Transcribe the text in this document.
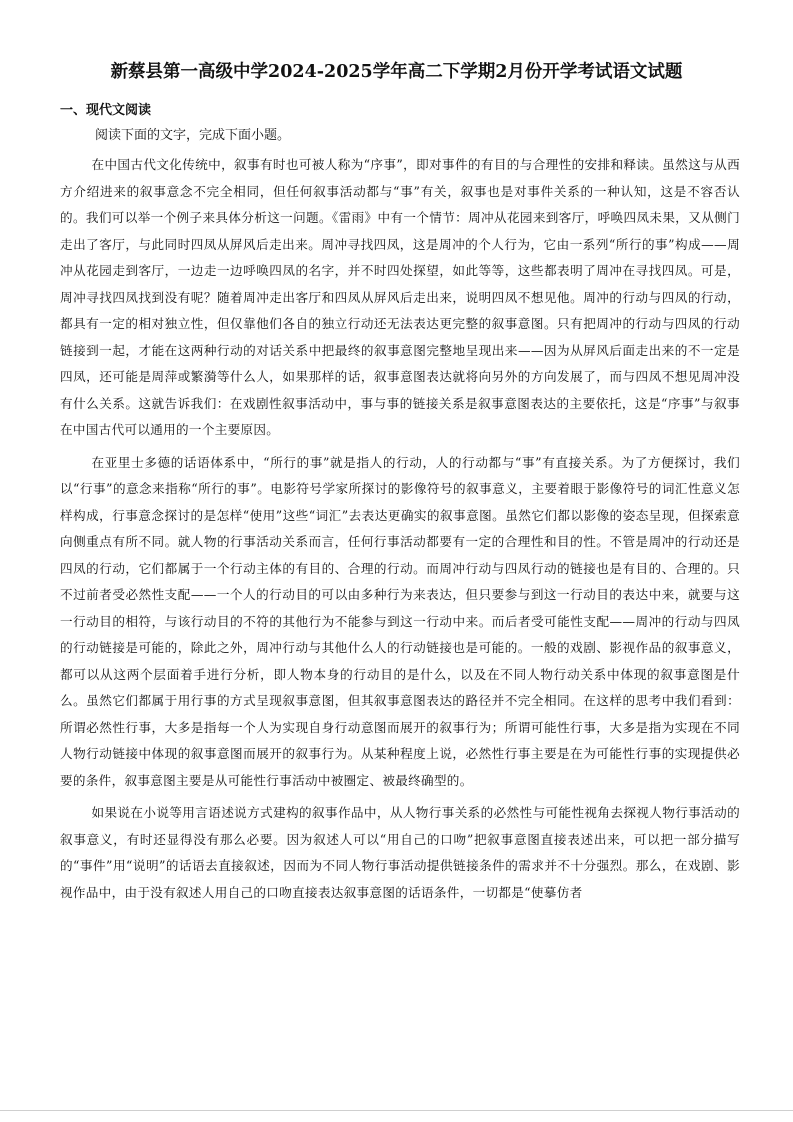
新蔡县第一高级中学2024-2025学年高二下学期2月份开学考试语文试题
一、现代文阅读
阅读下面的文字，完成下面小题。

在中国古代文化传统中，叙事有时也可被人称为“序事”，即对事件的有目的与合理性的安排和释读。虽然这与从西方介绍进来的叙事意念不完全相同，但任何叙事活动都与“事”有关，叙事也是对事件关系的一种认知，这是不容否认的。我们可以举一个例子来具体分析这一问题。《雷雨》中有一个情节：周冲从花园来到客厅，呼唤四凤未果，又从侧门走出了客厅，与此同时四凤从屏风后走出来。周冲寻找四凤，这是周冲的个人行为，它由一系列“所行的事”构成——周冲从花园走到客厅，一边走一边呼唤四凤的名字，并不时四处探望，如此等等，这些都表明了周冲在寻找四凤。可是，周冲寻找四凤找到没有呢？随着周冲走出客厅和四凤从屏风后走出来，说明四凤不想见他。周冲的行动与四凤的行动，都具有一定的相对独立性，但仅靠他们各自的独立行动还无法表达更完整的叙事意图。只有把周冲的行动与四凤的行动链接到一起，才能在这两种行动的对话关系中把最终的叙事意图完整地呈现出来——因为从屏风后面走出来的不一定是四凤，还可能是周萍或繁漪等什么人，如果那样的话，叙事意图表达就将向另外的方向发展了，而与四凤不想见周冲没有什么关系。这就告诉我们：在戏剧性叙事活动中，事与事的链接关系是叙事意图表达的主要依托，这是“序事”与叙事在中国古代可以通用的一个主要原因。

在亚里士多德的话语体系中，“所行的事”就是指人的行动，人的行动都与“事”有直接关系。为了方便探讨，我们以“行事”的意念来指称“所行的事”。电影符号学家所探讨的影像符号的叙事意义，主要着眼于影像符号的词汇性意义怎样构成，行事意念探讨的是怎样“使用”这些“词汇”去表达更确实的叙事意图。虽然它们都以影像的姿态呈现，但探索意向侧重点有所不同。就人物的行事活动关系而言，任何行事活动都要有一定的合理性和目的性。不管是周冲的行动还是四凤的行动，它们都属于一个行动主体的有目的、合理的行动。而周冲行动与四凤行动的链接也是有目的、合理的。只不过前者受必然性支配——一个人的行动目的可以由多种行为来表达，但只要参与到这一行动目的表达中来，就要与这一行动目的相符，与该行动目的不符的其他行为不能参与到这一行动中来。而后者受可能性支配——周冲的行动与四凤的行动链接是可能的，除此之外，周冲行动与其他什么人的行动链接也是可能的。一般的戏剧、影视作品的叙事意义，都可以从这两个层面着手进行分析，即人物本身的行动目的是什么，以及在不同人物行动关系中体现的叙事意图是什么。虽然它们都属于用行事的方式呈现叙事意图，但其叙事意图表达的路径并不完全相同。在这样的思考中我们看到：所谓必然性行事，大多是指每一个人为实现自身行动意图而展开的叙事行为；所谓可能性行事，大多是指为实现在不同人物行动链接中体现的叙事意图而展开的叙事行为。从某种程度上说，必然性行事主要是在为可能性行事的实现提供必要的条件，叙事意图主要是从可能性行事活动中被圈定、被最终确型的。

如果说在小说等用言语述说方式建构的叙事作品中，从人物行事关系的必然性与可能性视角去探视人物行事活动的叙事意义，有时还显得没有那么必要。因为叙述人可以“用自己的口吻”把叙事意图直接表述出来，可以把一部分描写的“事件”用“说明”的话语去直接叙述，因而为不同人物行事活动提供链接条件的需求并不十分强烈。那么，在戏剧、影视作品中，由于没有叙述人用自己的口吻直接表达叙事意图的话语条件，一切都是“使摹仿者
